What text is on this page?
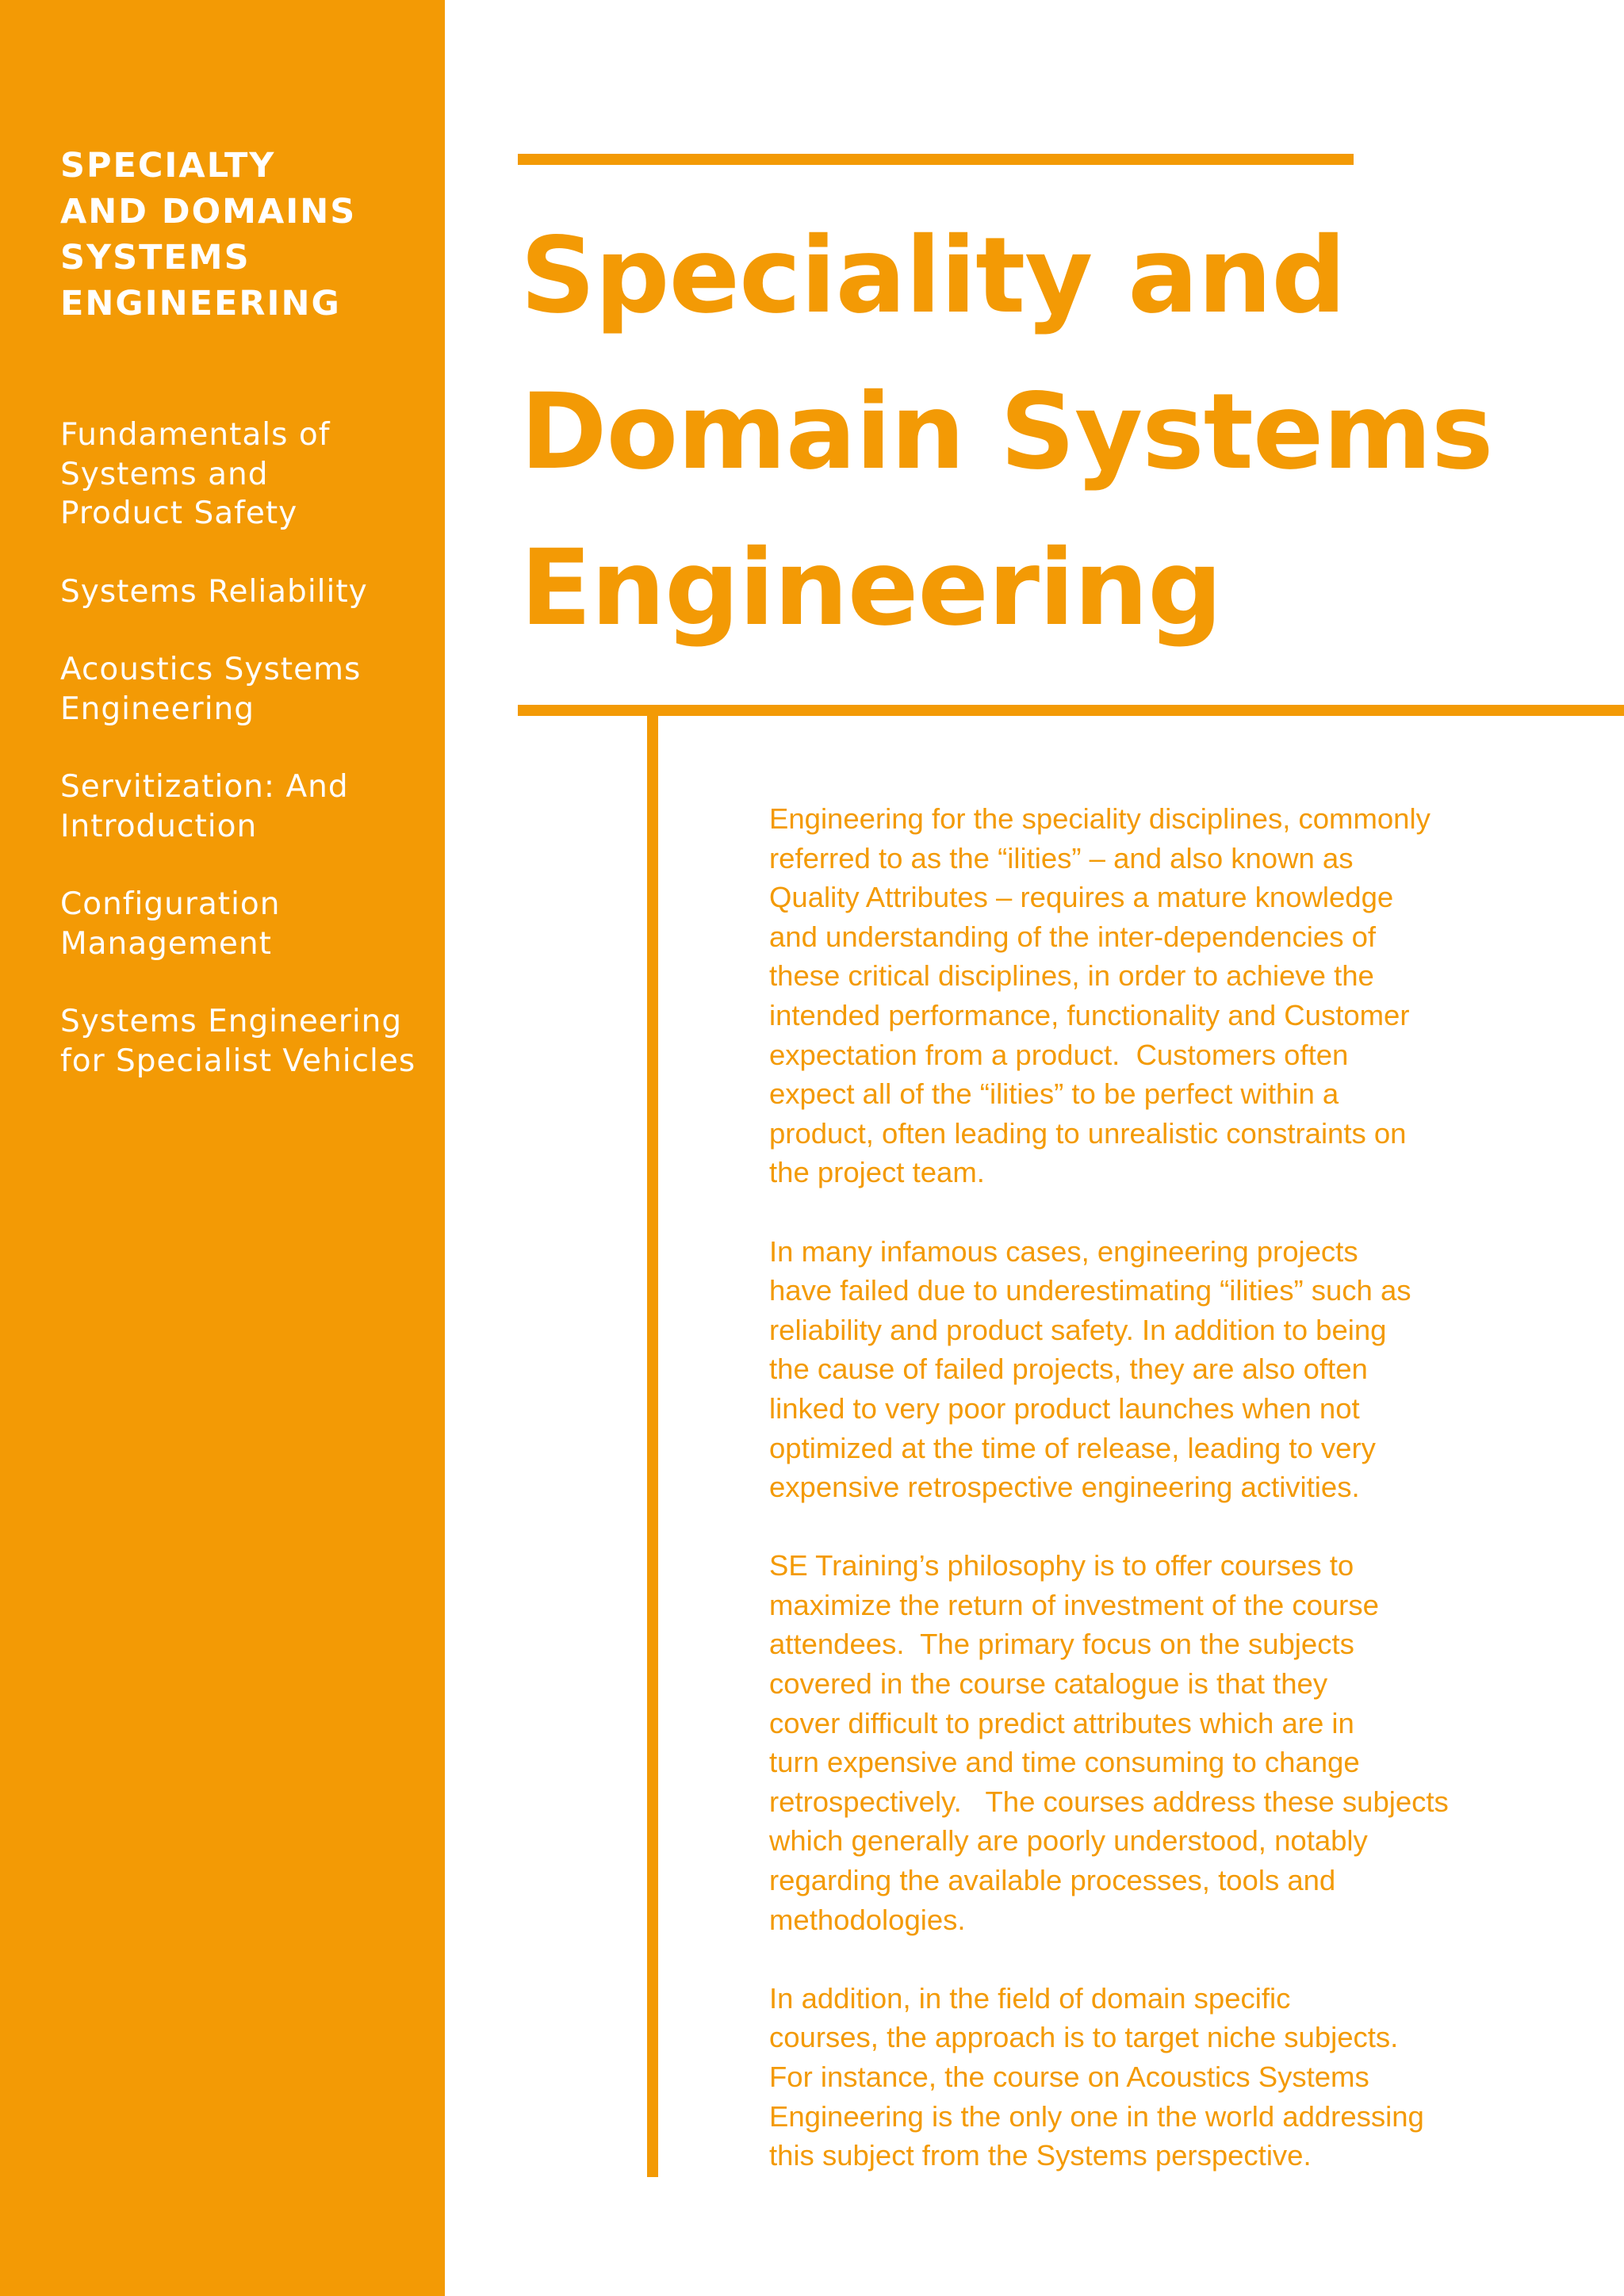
SPECIALTY
AND DOMAINS
SYSTEMS
ENGINEERING
Fundamentals of
Systems and
Product Safety
Systems Reliability
Acoustics Systems
Engineering
Servitization: And
Introduction
Configuration
Management
Systems Engineering
for Specialist Vehicles
Speciality and
Domain Systems
Engineering

Engineering for the speciality disciplines, commonly
referred to as the “ilities” – and also known as
Quality Attributes – requires a mature knowledge
and understanding of the inter-dependencies of
these critical disciplines, in order to achieve the
intended performance, functionality and Customer
expectation from a product.  Customers often
expect all of the “ilities” to be perfect within a
product, often leading to unrealistic constraints on
the project team.

In many infamous cases, engineering projects
have failed due to underestimating “ilities” such as
reliability and product safety. In addition to being
the cause of failed projects, they are also often
linked to very poor product launches when not
optimized at the time of release, leading to very
expensive retrospective engineering activities.

SE Training’s philosophy is to offer courses to
maximize the return of investment of the course
attendees.  The primary focus on the subjects
covered in the course catalogue is that they
cover difficult to predict attributes which are in
turn expensive and time consuming to change
retrospectively.   The courses address these subjects
which generally are poorly understood, notably
regarding the available processes, tools and
methodologies.

In addition, in the field of domain specific
courses, the approach is to target niche subjects.
For instance, the course on Acoustics Systems
Engineering is the only one in the world addressing
this subject from the Systems perspective.
